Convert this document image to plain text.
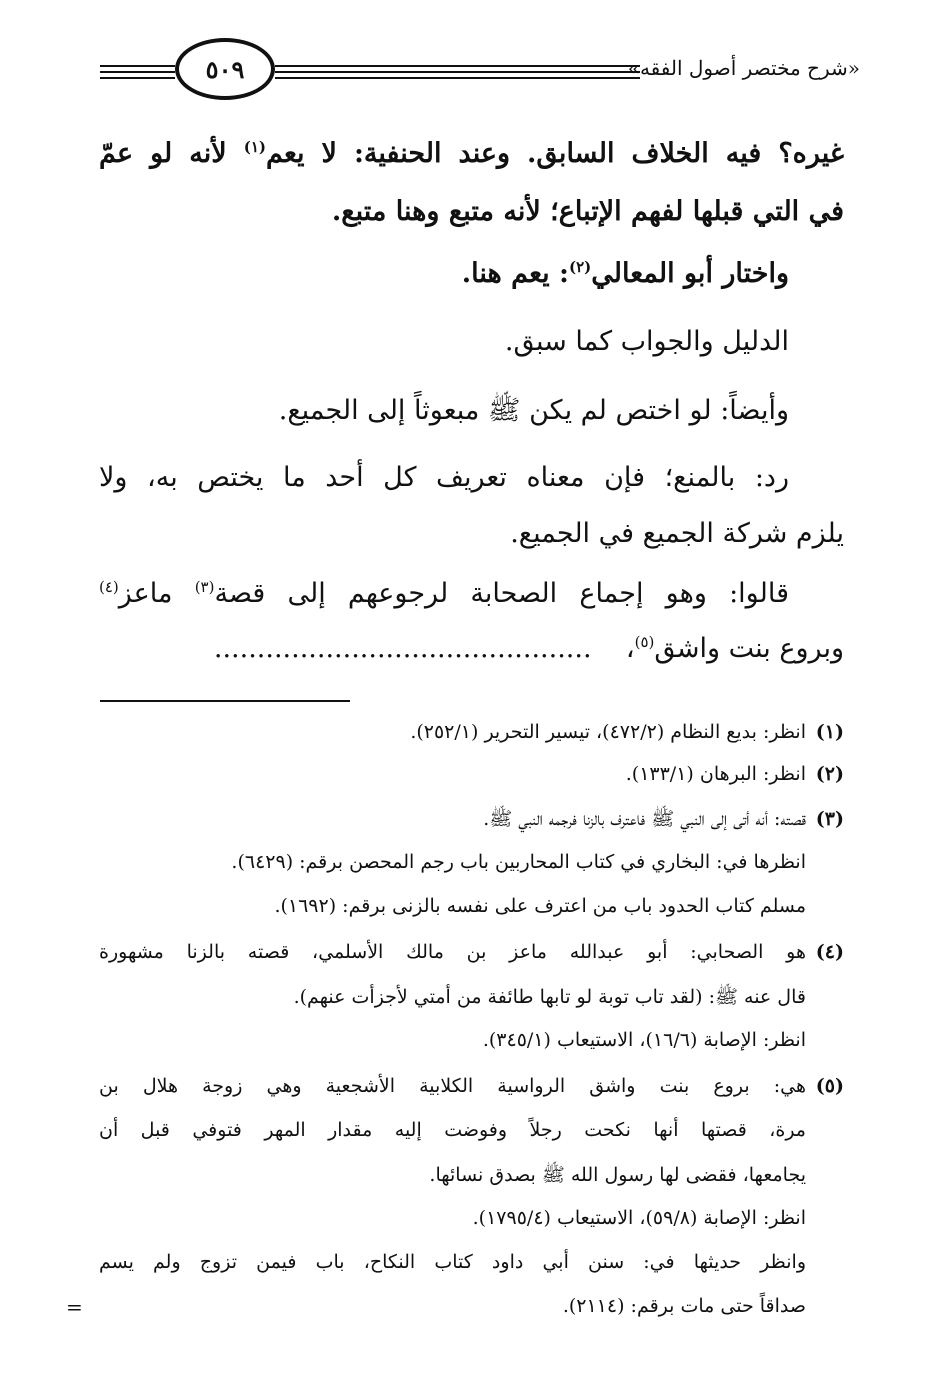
٥٠٩	«شرح مختصر أصول الفقه»
غيره؟ فيه الخلاف السابق. وعند الحنفية: لا يعم$^{(١)}$ لأنه لو عمّ
في التي قبلها لفهم الإتباع؛ لأنه متبع وهنا متبع.
واختار أبو المعالي$^{(٢)}$: يعم هنا.
الدليل والجواب كما سبق.
وأيضاً: لو اختص لم يكن ﷺ مبعوثاً إلى الجميع.
رد: بالمنع؛ فإن معناه تعريف كل أحد ما يختص به، ولا
يلزم شركة الجميع في الجميع.
قالوا: وهو إجماع الصحابة لرجوعهم إلى قصة$^{(٣)}$ ماعز$^{(٤)}$
وبروع بنت واشق$^{(٥)}$،    ............................................
(١)انظر: بديع النظام (٤٧٢/٢)، تيسير التحرير (٢٥٢/١).
(٢)انظر: البرهان (١٣٣/١).
(٣)قصته: أنه أتى إلى النبي ﷺ فاعترف بالزنا فرجمه النبي ﷺ.
انظرها في: البخاري في كتاب المحاربين باب رجم المحصن برقم: (٦٤٢٩).
مسلم كتاب الحدود باب من اعترف على نفسه بالزنى برقم: (١٦٩٢).
(٤)هو الصحابي: أبو عبدالله ماعز بن مالك الأسلمي، قصته بالزنا مشهورة
قال عنه ﷺ: (لقد تاب توبة لو تابها طائفة من أمتي لأجزأت عنهم).
انظر: الإصابة (١٦/٦)، الاستيعاب (٣٤٥/١).
(٥)هي: بروع بنت واشق الرواسية الكلابية الأشجعية وهي زوجة هلال بن
مرة، قصتها أنها نكحت رجلاً وفوضت إليه مقدار المهر فتوفي قبل أن
يجامعها، فقضى لها رسول الله ﷺ بصدق نسائها.
انظر: الإصابة (٥٩/٨)، الاستيعاب (١٧٩٥/٤).
وانظر حديثها في: سنن أبي داود كتاب النكاح، باب فيمن تزوج ولم يسم
صداقاً حتى مات برقم: (٢١١٤).
=
